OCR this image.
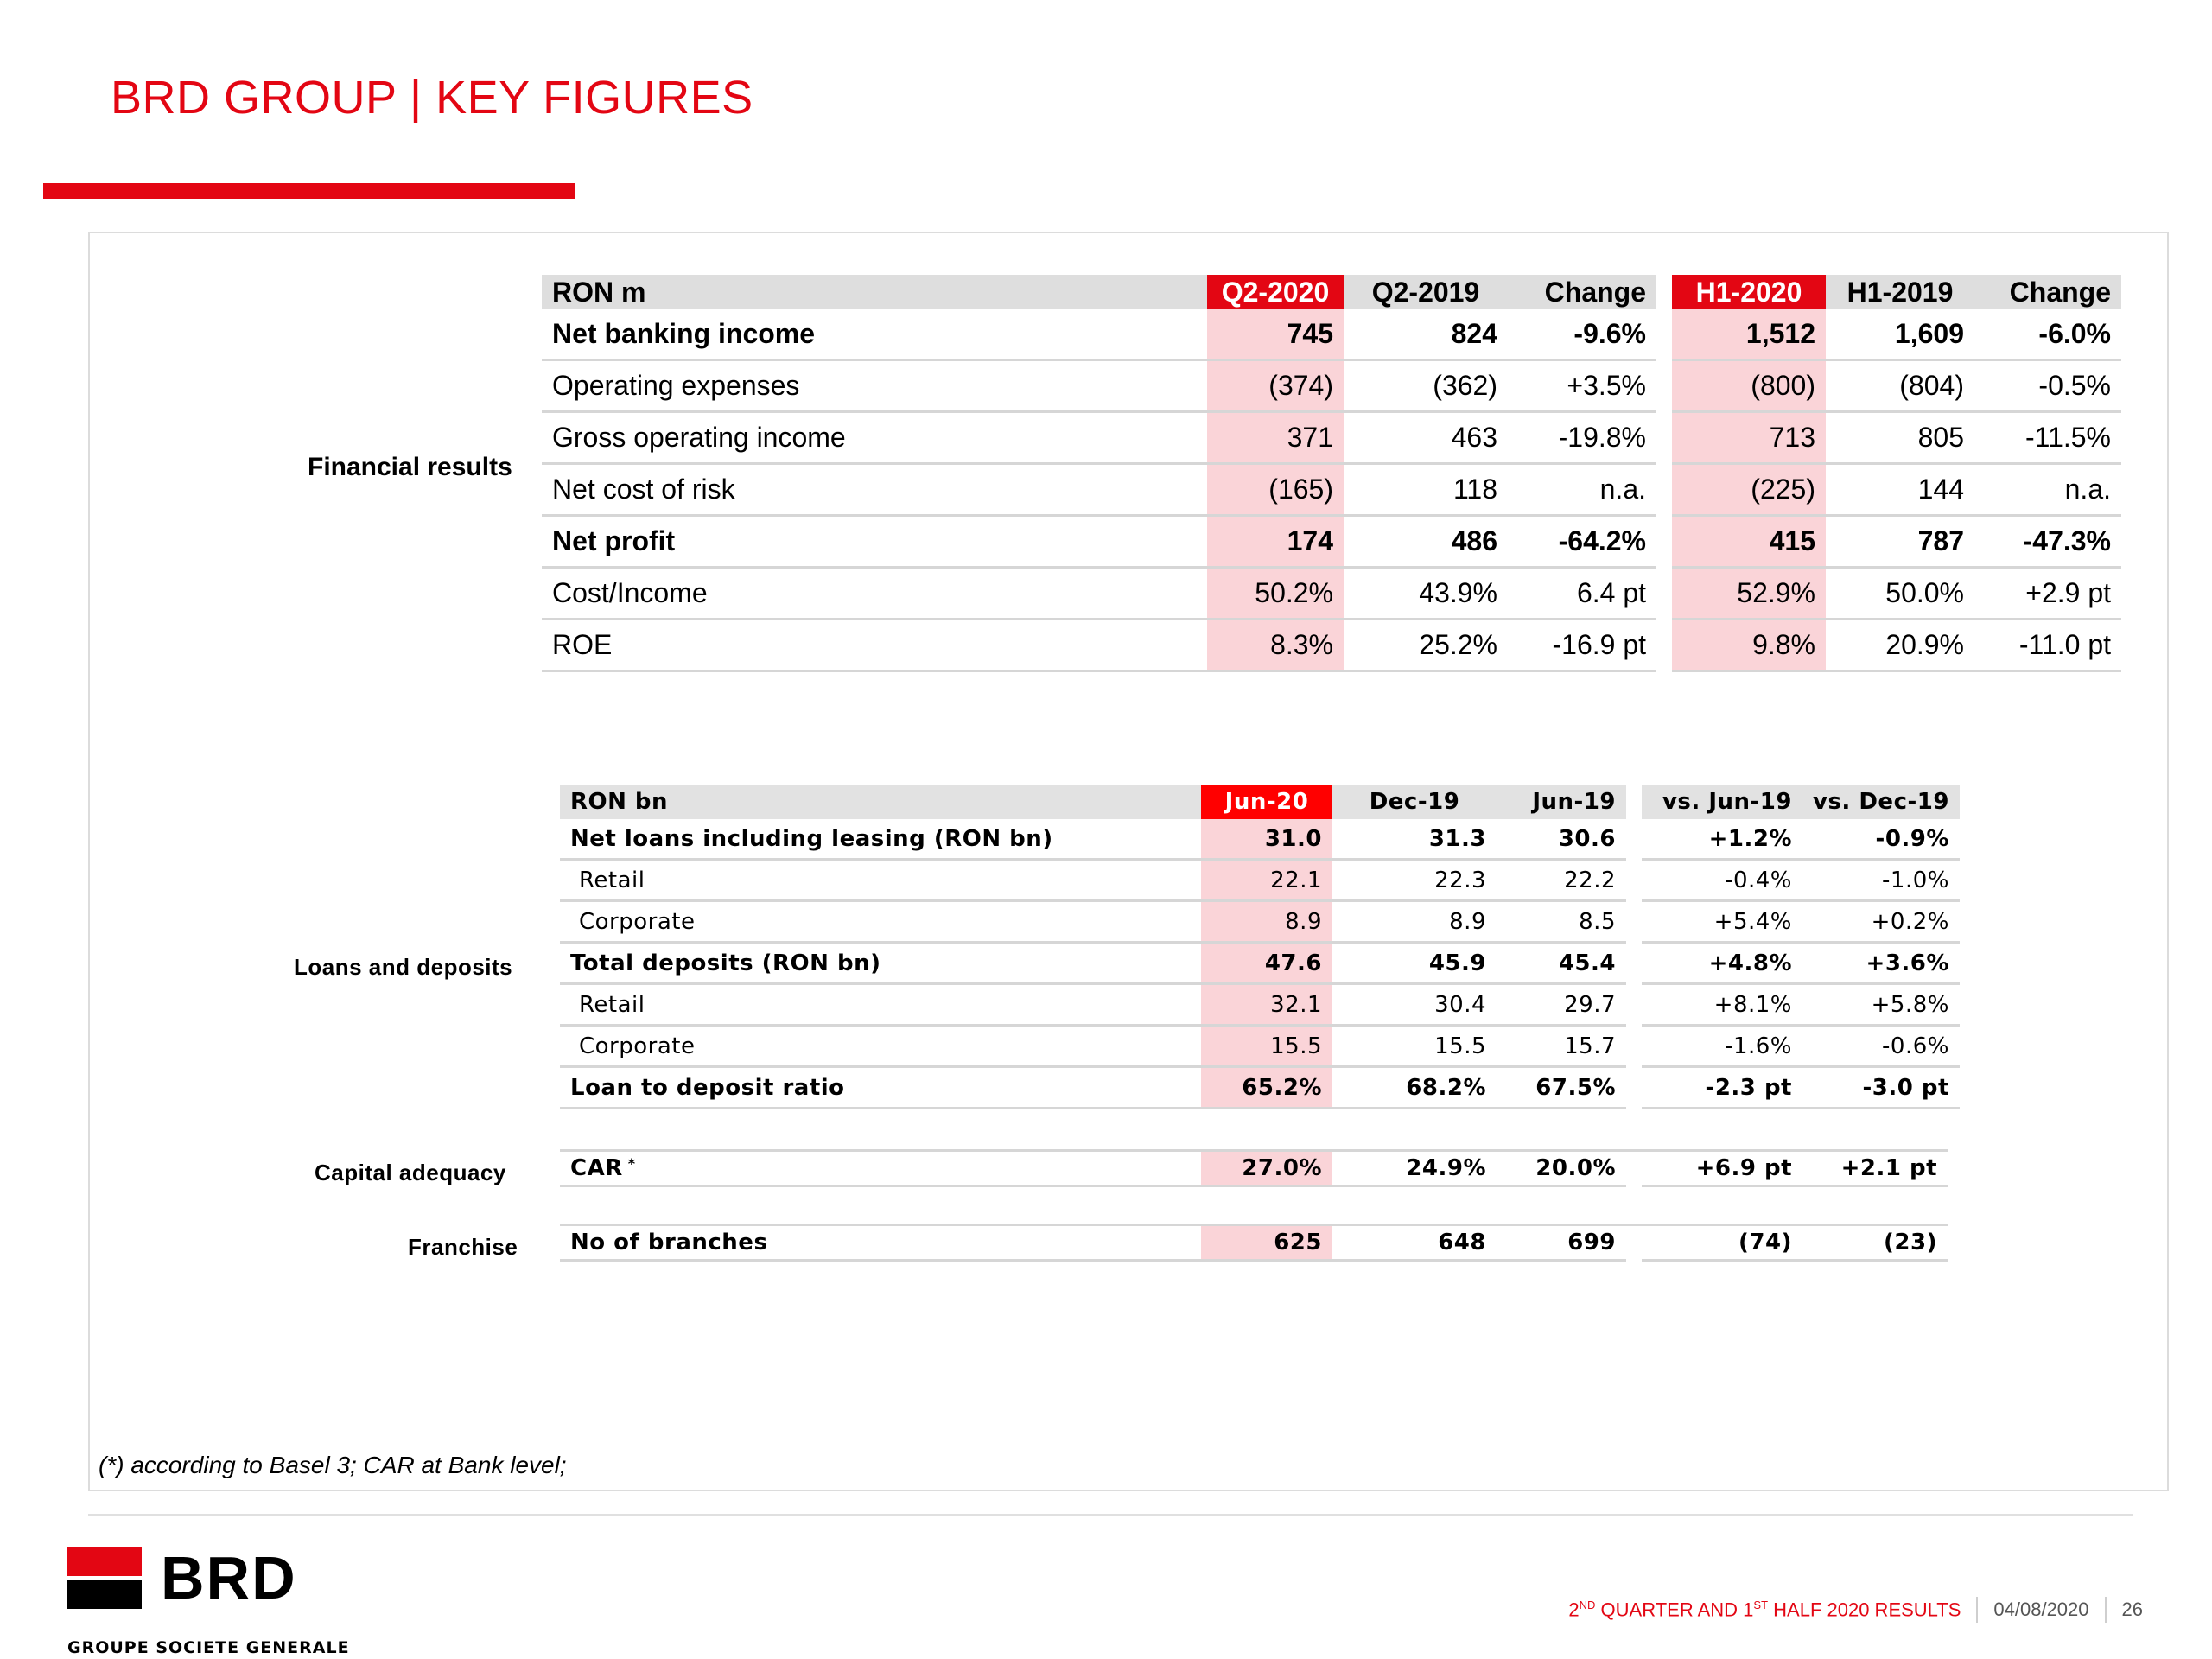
BRD GROUP | KEY FIGURES
Financial results
RON m	Q2-2020	Q2-2019	Change		H1-2020	H1-2019	Change
Net banking income	745	824	-9.6%		1,512	1,609	-6.0%
Operating expenses	(374)	(362)	+3.5%		(800)	(804)	-0.5%
Gross operating income	371	463	-19.8%		713	805	-11.5%
Net cost of risk	(165)	118	n.a.		(225)	144	n.a.
Net profit	174	486	-64.2%		415	787	-47.3%
Cost/Income	50.2%	43.9%	6.4 pt		52.9%	50.0%	+2.9 pt
ROE	8.3%	25.2%	-16.9 pt		9.8%	20.9%	-11.0 pt
Loans and deposits
RON bn	Jun-20	Dec-19	Jun-19		vs. Jun-19	vs. Dec-19
Net loans including leasing (RON bn)	31.0	31.3	30.6		+1.2%	-0.9%
Retail	22.1	22.3	22.2		-0.4%	-1.0%
Corporate	8.9	8.9	8.5		+5.4%	+0.2%
Total deposits (RON bn)	47.6	45.9	45.4		+4.8%	+3.6%
Retail	32.1	30.4	29.7		+8.1%	+5.8%
Corporate	15.5	15.5	15.7		-1.6%	-0.6%
Loan to deposit ratio	65.2%	68.2%	67.5%		-2.3 pt	-3.0 pt
Capital adequacy	CAR *	27.0%	24.9%	20.0%		+6.9 pt	+2.1 pt
Franchise No of branches	625	648	699		(74)	(23)
(*) according to Basel 3; CAR at Bank level;
BRD
GROUPE SOCIETE GENERALE
2ND QUARTER AND 1ST HALF 2020 RESULTS 04/08/2020 26
